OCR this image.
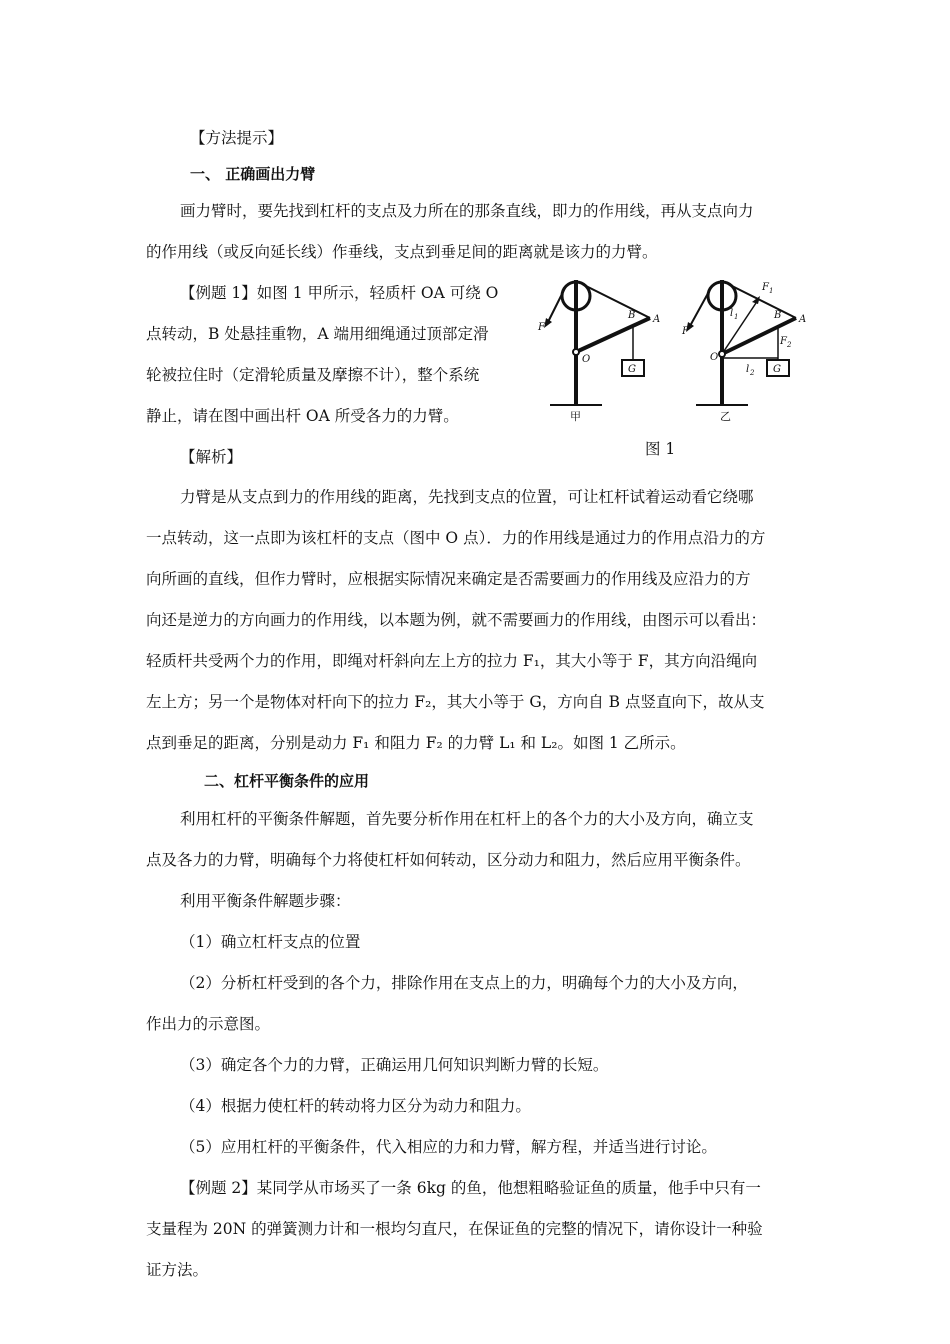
【方法提示】
一、 正确画出力臂
画力臂时，要先找到杠杆的支点及力所在的那条直线，即力的作用线，再从支点向力
的作用线（或反向延长线）作垂线，支点到垂足间的距离就是该力的力臂。
【例题 1】如图 1 甲所示，轻质杆 OA 可绕 O
点转动，B 处悬挂重物，A 端用细绳通过顶部定滑
轮被拉住时（定滑轮质量及摩擦不计），整个系统
静止，请在图中画出杆 OA 所受各力的力臂。
【解析】
F
A
B
O
G
甲
F
A
B
O
G
F 1
F 2
l 1
l 2
乙
图 1
力臂是从支点到力的作用线的距离，先找到支点的位置，可让杠杆试着运动看它绕哪
一点转动，这一点即为该杠杆的支点（图中 O 点）．力的作用线是通过力的作用点沿力的方
向所画的直线，但作力臂时，应根据实际情况来确定是否需要画力的作用线及应沿力的方
向还是逆力的方向画力的作用线，以本题为例，就不需要画力的作用线，由图示可以看出：
轻质杆共受两个力的作用，即绳对杆斜向左上方的拉力 F₁，其大小等于 F，其方向沿绳向
左上方；另一个是物体对杆向下的拉力 F₂，其大小等于 G，方向自 B 点竖直向下，故从支
点到垂足的距离，分别是动力 F₁ 和阻力 F₂ 的力臂 L₁ 和 L₂。如图 1 乙所示。
二、杠杆平衡条件的应用
利用杠杆的平衡条件解题，首先要分析作用在杠杆上的各个力的大小及方向，确立支
点及各力的力臂，明确每个力将使杠杆如何转动，区分动力和阻力，然后应用平衡条件。
利用平衡条件解题步骤：
（1）确立杠杆支点的位置
（2）分析杠杆受到的各个力，排除作用在支点上的力，明确每个力的大小及方向，
作出力的示意图。
（3）确定各个力的力臂，正确运用几何知识判断力臂的长短。
（4）根据力使杠杆的转动将力区分为动力和阻力。
（5）应用杠杆的平衡条件，代入相应的力和力臂，解方程，并适当进行讨论。
【例题 2】某同学从市场买了一条 6kg 的鱼，他想粗略验证鱼的质量，他手中只有一
支量程为 20N 的弹簧测力计和一根均匀直尺，在保证鱼的完整的情况下，请你设计一种验
证方法。
